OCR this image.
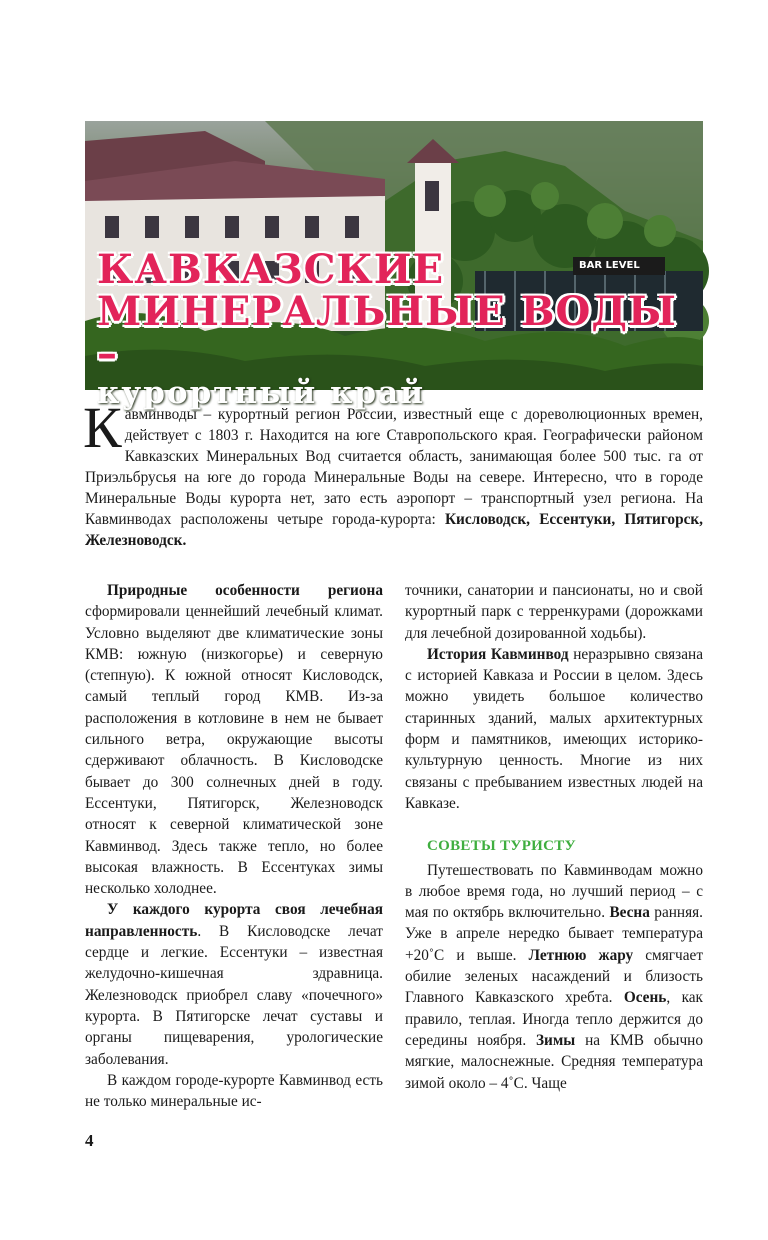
BAR LEVEL
КАВКАЗСКИЕ
МИНЕРАЛЬНЫЕ ВОДЫ –
курортный край
Кавминводы – курортный регион России, известный еще с дореволюционных времен, действует с 1803 г. Находится на юге Ставропольского края. Географически районом Кавказских Минеральных Вод считается область, занимающая более 500 тыс. га от Приэльбрусья на юге до города Минеральные Воды на севере. Интересно, что в городе Минеральные Воды курорта нет, зато есть аэропорт – транспортный узел региона. На Кавминводах расположены четыре города-курорта: Кисловодск, Ессентуки, Пятигорск, Железноводск.

Природные особенности региона сформировали ценнейший лечебный климат. Условно выделяют две климатические зоны КМВ: южную (низкогорье) и северную (степную). К южной относят Кисловодск, самый теплый город КМВ. Из-за расположения в котловине в нем не бывает сильного ветра, окружающие высоты сдерживают облачность. В Кисловодске бывает до 300 солнечных дней в году. Ессентуки, Пятигорск, Железноводск относят к северной климатической зоне Кавминвод. Здесь также тепло, но более высокая влажность. В Ессентуках зимы несколько холоднее.

У каждого курорта своя лечебная направленность. В Кисловодске лечат сердце и легкие. Ессентуки – известная желудочно-кишечная здравница. Железноводск приобрел славу «почечного» курорта. В Пятигорске лечат суставы и органы пищеварения, урологические заболевания.

В каждом городе-курорте Кавминвод есть не только минеральные ис-

точники, санатории и пансионаты, но и свой курортный парк с терренкурами (дорожками для лечебной дозированной ходьбы).

История Кавминвод неразрывно связана с историей Кавказа и России в целом. Здесь можно увидеть большое количество старинных зданий, малых архитектурных форм и памятников, имеющих историко-культурную ценность. Многие из них связаны с пребыванием известных людей на Кавказе.

СОВЕТЫ ТУРИСТУ

Путешествовать по Кавминводам можно в любое время года, но лучший период – с мая по октябрь включительно. Весна ранняя. Уже в апреле нередко бывает температура +20˚С и выше. Летнюю жару смягчает обилие зеленых насаждений и близость Главного Кавказского хребта. Осень, как правило, теплая. Иногда тепло держится до середины ноября. Зимы на КМВ обычно мягкие, малоснежные. Средняя температура зимой около – 4˚С. Чаще

4
